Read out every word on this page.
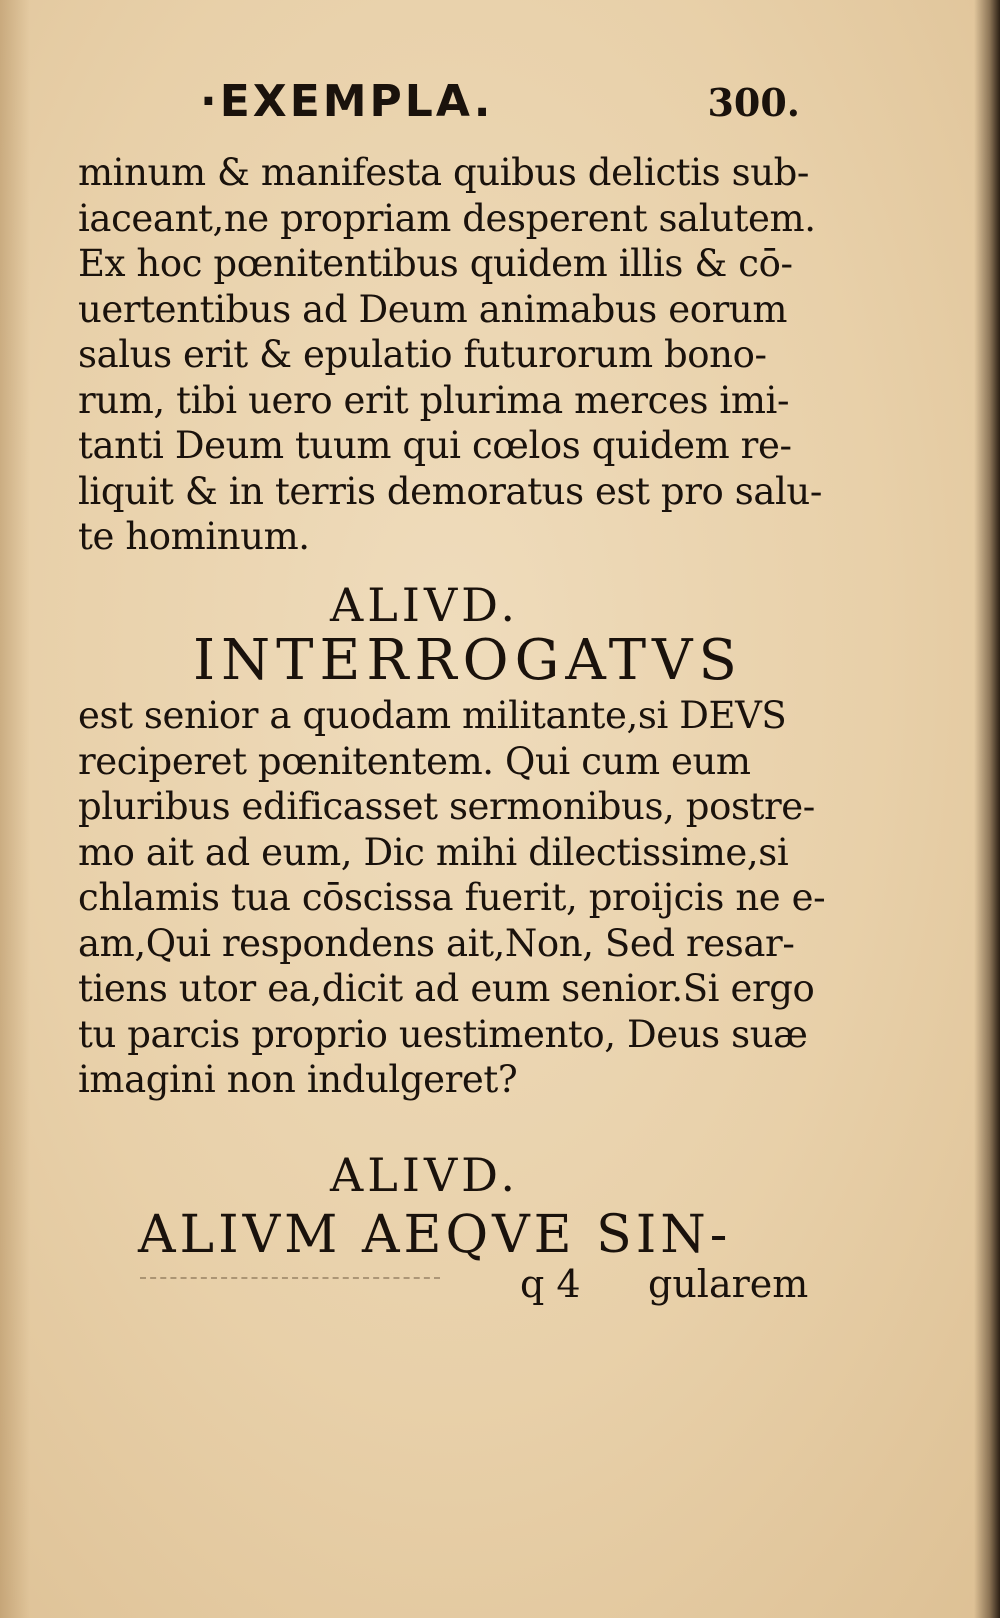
·EXEMPLA.	300.
minum & manifesta quibus delictis sub-
iaceant,ne propriam desperent salutem.
Ex hoc pœnitentibus quidem illis & cō-
uertentibus ad Deum animabus eorum
salus erit & epulatio futurorum bono-
rum, tibi uero erit plurima merces imi-
tanti Deum tuum qui cœlos quidem re-
liquit & in terris demoratus est pro salu-
te hominum.
ALIVD.
INTERROGATVS
est senior a quodam militante,si DEVS
reciperet pœnitentem. Qui cum eum
pluribus edificasset sermonibus, postre-
mo ait ad eum, Dic mihi dilectissime,si
chlamis tua cōscissa fuerit, proijcis ne e-
am,Qui respondens ait,Non, Sed resar-
tiens utor ea,dicit ad eum senior.Si ergo
tu parcis proprio uestimento, Deus suæ
imagini non indulgeret?
ALIVD.
ALIVM AEQVE SIN-
q 4 gularem
